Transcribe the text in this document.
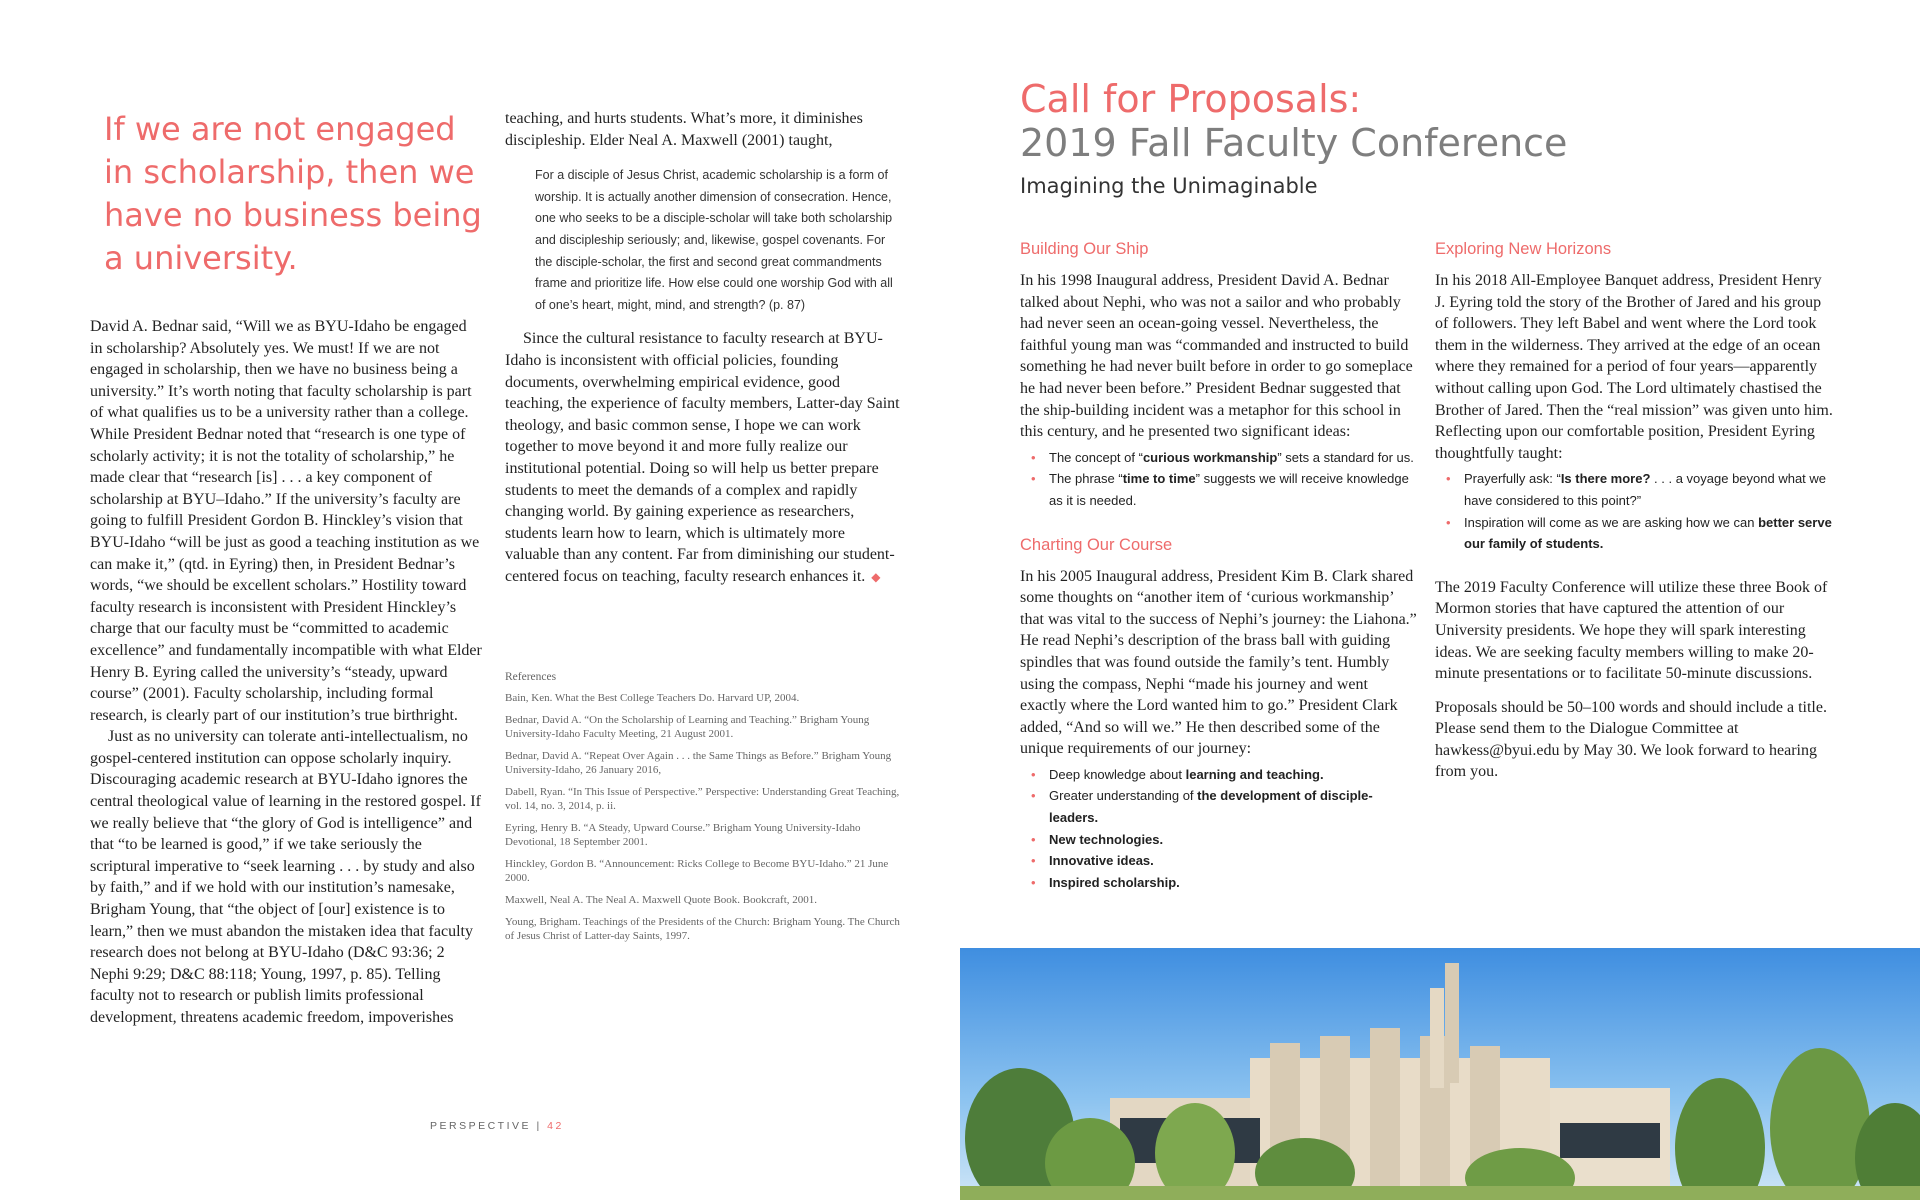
If we are not engaged in scholarship, then we have no business being a university.

David A. Bednar said, “Will we as BYU-Idaho be engaged in scholarship? Absolutely yes. We must! If we are not engaged in scholarship, then we have no business being a university.” It’s worth noting that faculty scholarship is part of what qualifies us to be a university rather than a college. While President Bednar noted that “research is one type of scholarly activity; it is not the totality of scholarship,” he made clear that “research [is] . . . a key component of scholarship at BYU–Idaho.” If the university’s faculty are going to fulfill President Gordon B. Hinckley’s vision that BYU-Idaho “will be just as good a teaching institution as we can make it,” (qtd. in Eyring) then, in President Bednar’s words, “we should be excellent scholars.” Hostility toward faculty research is inconsistent with President Hinckley’s charge that our faculty must be “committed to academic excellence” and fundamentally incompatible with what Elder Henry B. Eyring called the university’s “steady, upward course” (2001). Faculty scholarship, including formal research, is clearly part of our institution’s true birthright.

Just as no university can tolerate anti-intellectualism, no gospel-centered institution can oppose scholarly inquiry. Discouraging academic research at BYU-Idaho ignores the central theological value of learning in the restored gospel. If we really believe that “the glory of God is intelligence” and that “to be learned is good,” if we take seriously the scriptural imperative to “seek learning . . . by study and also by faith,” and if we hold with our institution’s namesake, Brigham Young, that “the object of [our] existence is to learn,” then we must abandon the mistaken idea that faculty research does not belong at BYU-Idaho (D&C 93:36; 2 Nephi 9:29; D&C 88:118; Young, 1997, p. 85). Telling faculty not to research or publish limits professional development, threatens academic freedom, impoverishes

teaching, and hurts students. What’s more, it diminishes discipleship. Elder Neal A. Maxwell (2001) taught,

For a disciple of Jesus Christ, academic scholarship is a form of worship. It is actually another dimension of consecration. Hence, one who seeks to be a disciple-scholar will take both scholarship and discipleship seriously; and, likewise, gospel covenants. For the disciple-scholar, the first and second great commandments frame and prioritize life. How else could one worship God with all of one’s heart, might, mind, and strength? (p. 87)

Since the cultural resistance to faculty research at BYU-Idaho is inconsistent with official policies, founding documents, overwhelming empirical evidence, good teaching, the experience of faculty members, Latter-day Saint theology, and basic common sense, I hope we can work together to move beyond it and more fully realize our institutional potential. Doing so will help us better prepare students to meet the demands of a complex and rapidly changing world. By gaining experience as researchers, students learn how to learn, which is ultimately more valuable than any content. Far from diminishing our student-centered focus on teaching, faculty research enhances it. ◆

References

Bain, Ken. What the Best College Teachers Do. Harvard UP, 2004.

Bednar, David A. “On the Scholarship of Learning and Teaching.” Brigham Young University-Idaho Faculty Meeting, 21 August 2001.

Bednar, David A. “Repeat Over Again . . . the Same Things as Before.” Brigham Young University-Idaho, 26 January 2016,

Dabell, Ryan. “In This Issue of Perspective.” Perspective: Understanding Great Teaching, vol. 14, no. 3, 2014, p. ii.

Eyring, Henry B. “A Steady, Upward Course.” Brigham Young University-Idaho Devotional, 18 September 2001.

Hinckley, Gordon B. “Announcement: Ricks College to Become BYU-Idaho.” 21 June 2000.

Maxwell, Neal A. The Neal A. Maxwell Quote Book. Bookcraft, 2001.

Young, Brigham. Teachings of the Presidents of the Church: Brigham Young. The Church of Jesus Christ of Latter-day Saints, 1997.

PERSPECTIVE | 42
Call for Proposals:
2019 Fall Faculty Conference
Imagining the Unimaginable
Building Our Ship

In his 1998 Inaugural address, President David A. Bednar talked about Nephi, who was not a sailor and who probably had never seen an ocean-going vessel. Nevertheless, the faithful young man was “commanded and instructed to build something he had never built before in order to go someplace he had never been before.” President Bednar suggested that the ship-building incident was a metaphor for this school in this century, and he presented two significant ideas:

• The concept of “curious workmanship” sets a standard for us.
• The phrase “time to time” suggests we will receive knowledge as it is needed.
Charting Our Course

In his 2005 Inaugural address, President Kim B. Clark shared some thoughts on “another item of ‘curious workmanship’ that was vital to the success of Nephi’s journey: the Liahona.” He read Nephi’s description of the brass ball with guiding spindles that was found outside the family’s tent. Humbly using the compass, Nephi “made his journey and went exactly where the Lord wanted him to go.” President Clark added, “And so will we.” He then described some of the unique requirements of our journey:

• Deep knowledge about learning and teaching.
• Greater understanding of the development of disciple-leaders.
• New technologies.
• Innovative ideas.
• Inspired scholarship.
Exploring New Horizons

In his 2018 All-Employee Banquet address, President Henry J. Eyring told the story of the Brother of Jared and his group of followers. They left Babel and went where the Lord took them in the wilderness. They arrived at the edge of an ocean where they remained for a period of four years—apparently without calling upon God. The Lord ultimately chastised the Brother of Jared. Then the “real mission” was given unto him. Reflecting upon our comfortable position, President Eyring thoughtfully taught:

• Prayerfully ask: “Is there more? . . . a voyage beyond what we have considered to this point?”
• Inspiration will come as we are asking how we can better serve our family of students.

The 2019 Faculty Conference will utilize these three Book of Mormon stories that have captured the attention of our University presidents. We hope they will spark interesting ideas. We are seeking faculty members willing to make 20-minute presentations or to facilitate 50-minute discussions.

Proposals should be 50–100 words and should include a title. Please send them to the Dialogue Committee at hawkess@byui.edu by May 30. We look forward to hearing from you.
